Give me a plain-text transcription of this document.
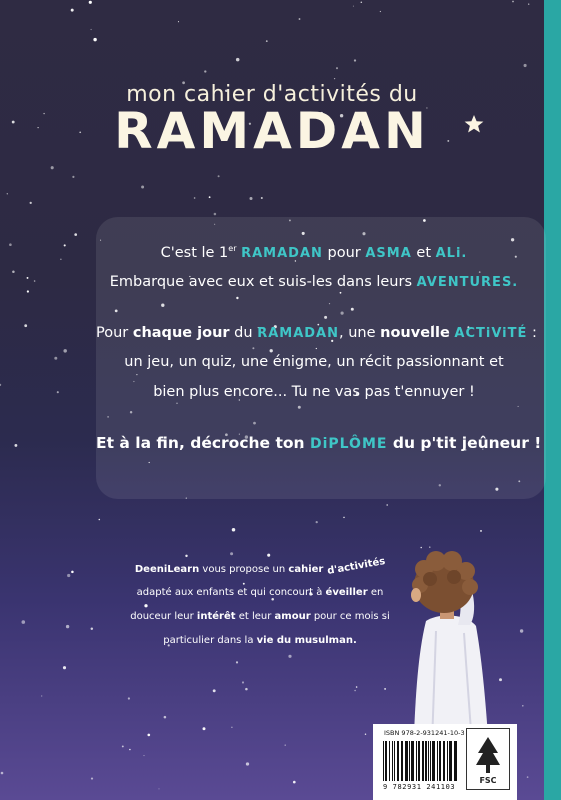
mon cahier d'activités du
RAMADAN
C'est le 1er RAMADAN pour ASMA et ALi.
Embarque avec eux et suis-les dans leurs AVENTURES.
Pour chaque jour du RAMADAN, une nouvelle ACTiViTÉ :
un jeu, un quiz, une énigme, un récit passionnant et
bien plus encore... Tu ne vas pas t'ennuyer !
Et à la fin, décroche ton DiPLÔME du p'tit jeûneur !
DeeniLearn vous propose un cahier d'activités
adapté aux enfants et qui concourt à éveiller en
douceur leur intérêt et leur amour pour ce mois si
particulier dans la vie du musulman.
ISBN 978-2-931241-10-3
9 782931 241103
FSC
